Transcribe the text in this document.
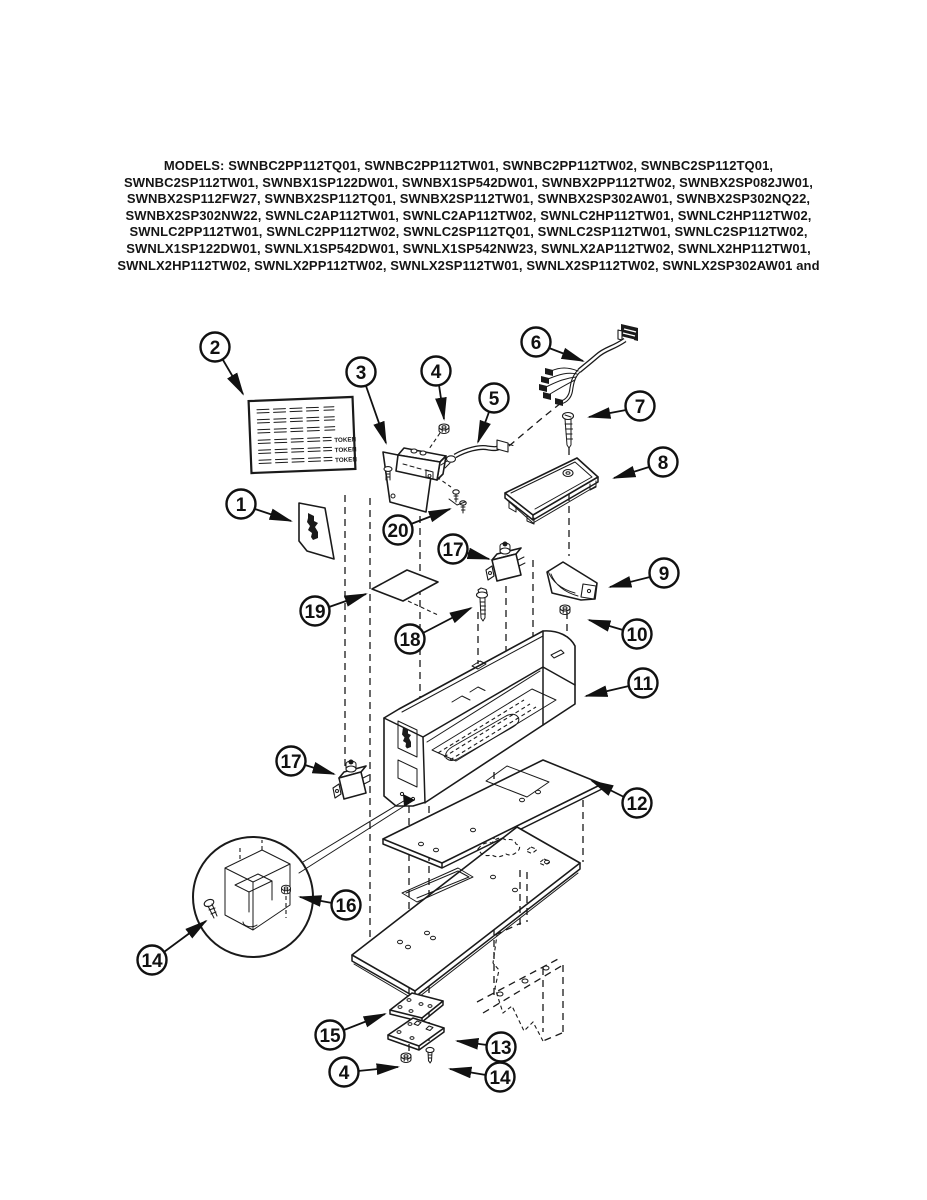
MODELS: SWNBC2PP112TQ01, SWNBC2PP112TW01, SWNBC2PP112TW02, SWNBC2SP112TQ01,
SWNBC2SP112TW01, SWNBX1SP122DW01, SWNBX1SP542DW01, SWNBX2PP112TW02, SWNBX2SP082JW01,
SWNBX2SP112FW27, SWNBX2SP112TQ01, SWNBX2SP112TW01, SWNBX2SP302AW01, SWNBX2SP302NQ22,
SWNBX2SP302NW22, SWNLC2AP112TW01, SWNLC2AP112TW02, SWNLC2HP112TW01, SWNLC2HP112TW02,
SWNLC2PP112TW01, SWNLC2PP112TW02, SWNLC2SP112TQ01, SWNLC2SP112TW01, SWNLC2SP112TW02,
SWNLX1SP122DW01, SWNLX1SP542DW01, SWNLX1SP542NW23, SWNLX2AP112TW02, SWNLX2HP112TW01,
SWNLX2HP112TW02, SWNLX2PP112TW02, SWNLX2SP112TW01, SWNLX2SP112TW02, SWNLX2SP302AW01 and
TOKEN
TOKEN
TOKEN
2
1
3	4
5
6
7
8
9
10
11
12
20
17
19
18
17
16
14
15
13
4	14
